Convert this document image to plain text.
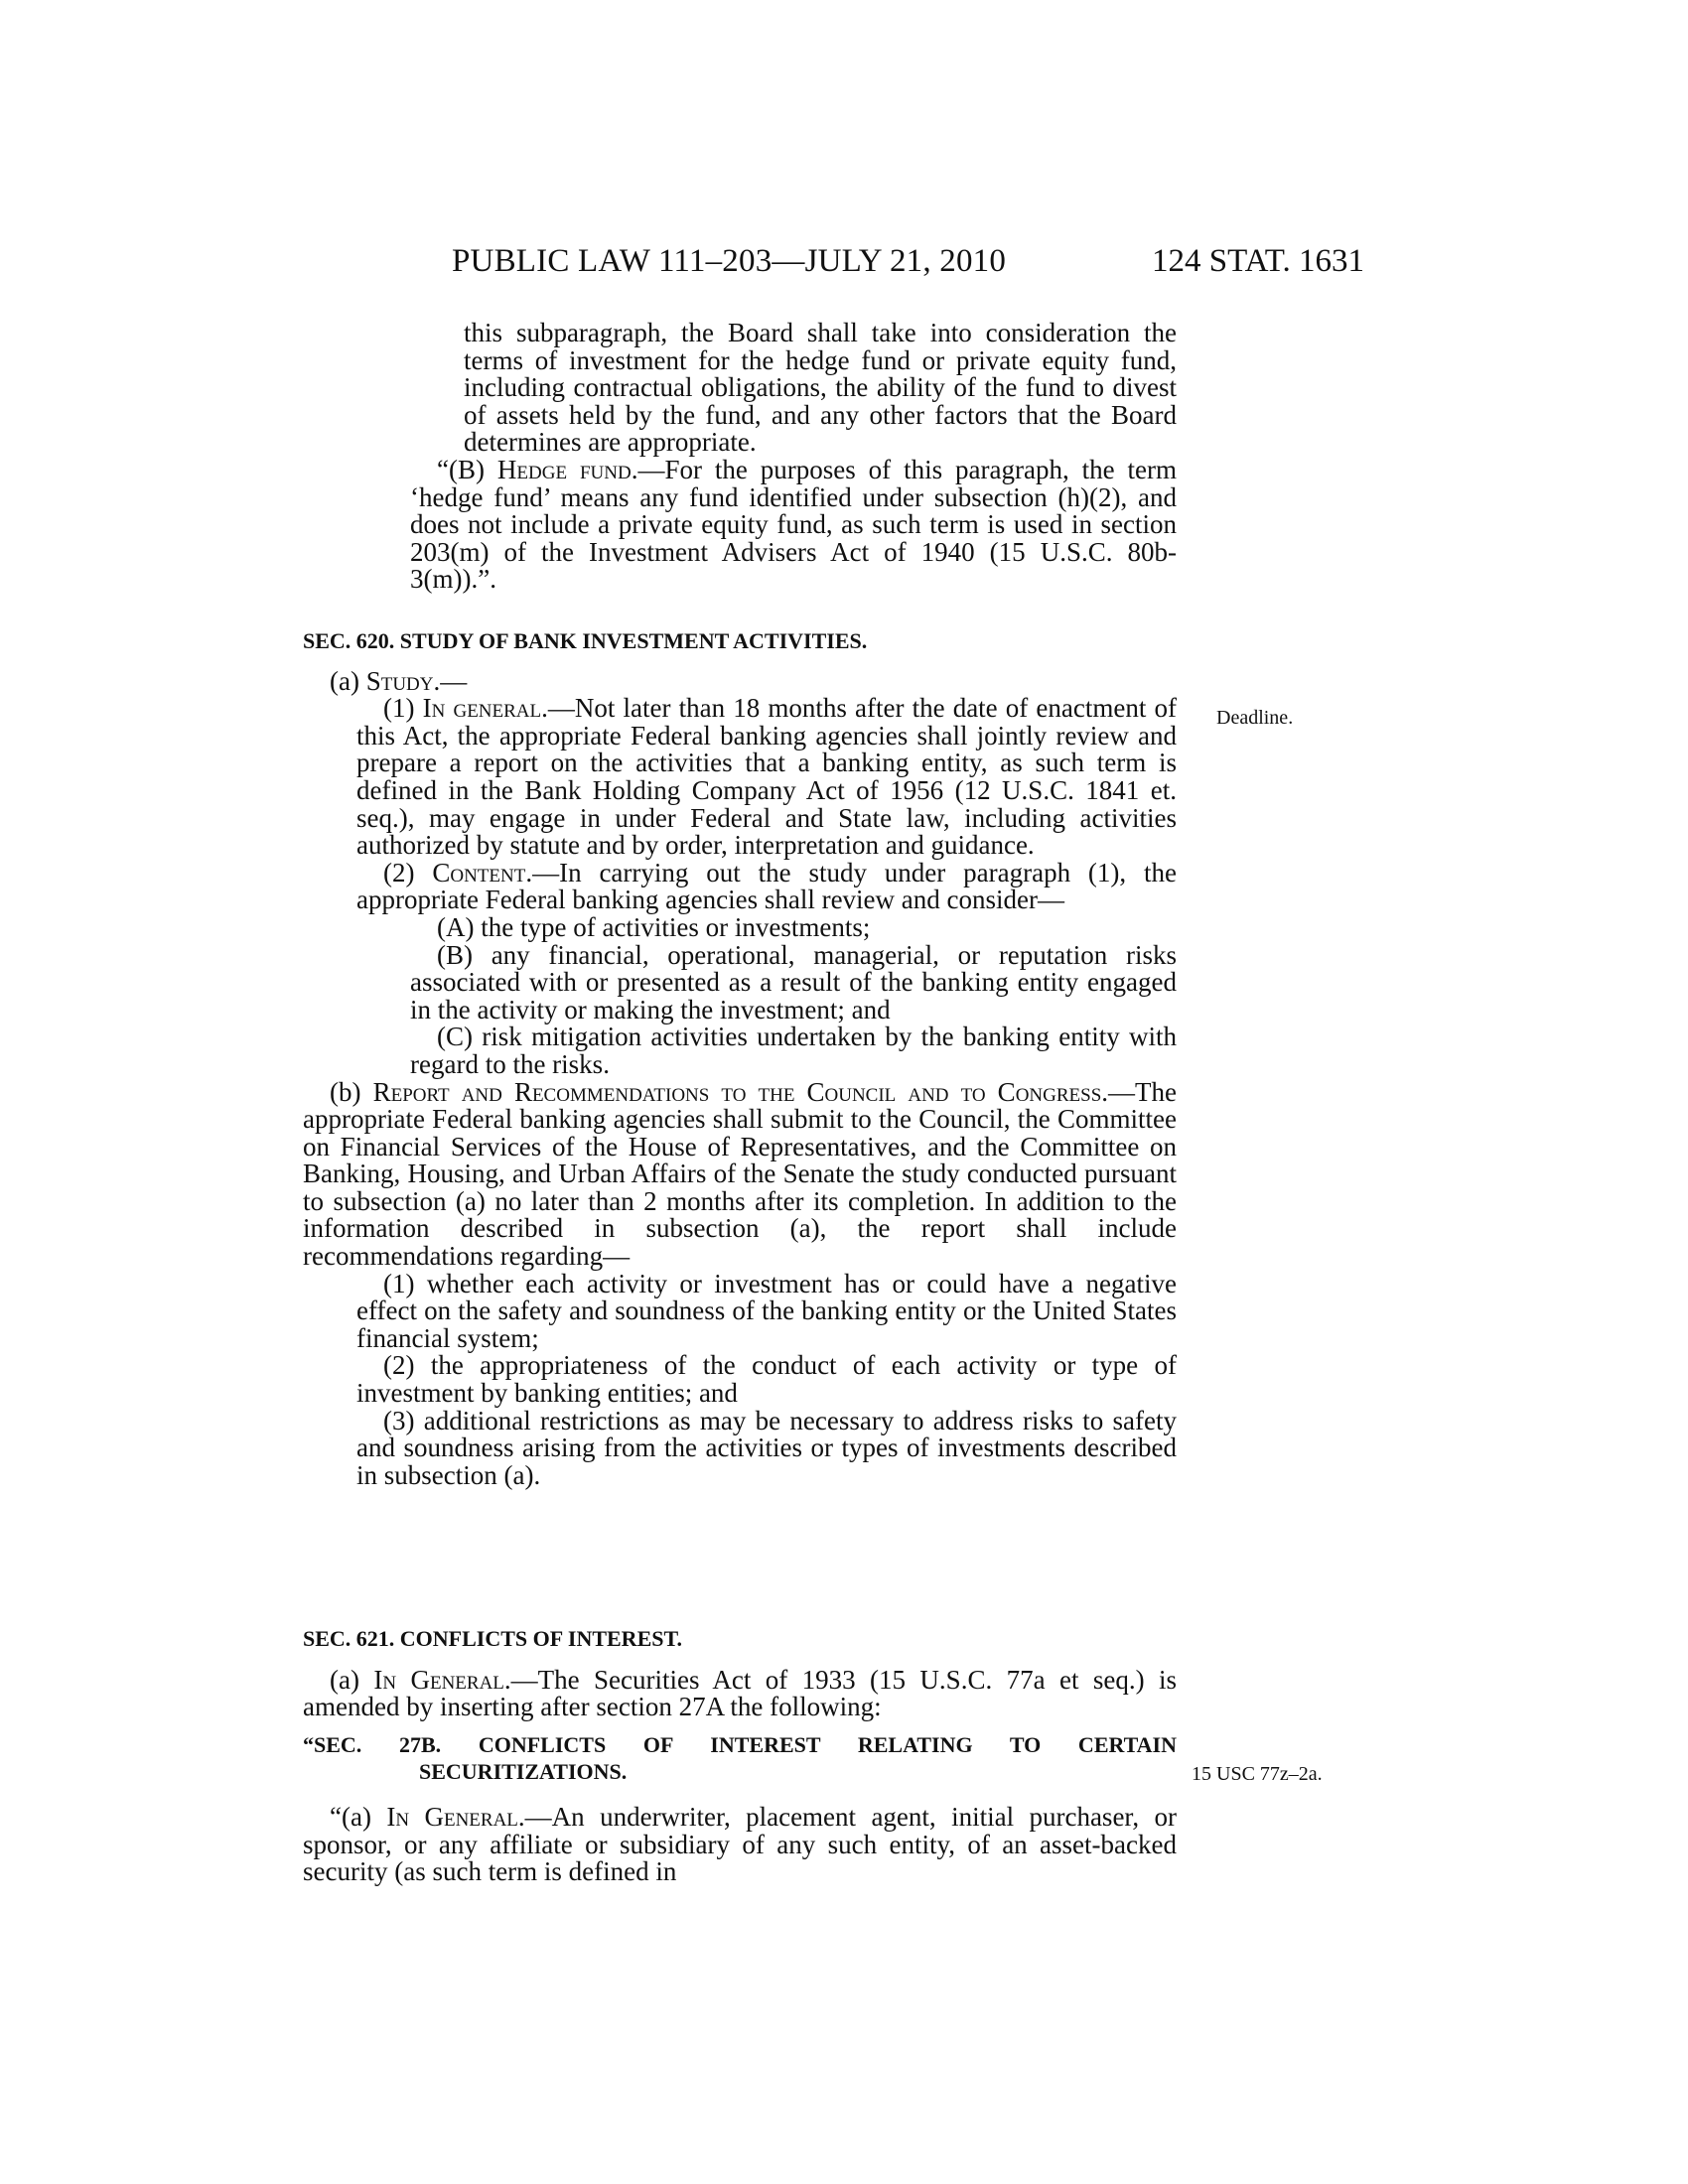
PUBLIC LAW 111–203—JULY 21, 2010	124 STAT. 1631

this subparagraph, the Board shall take into consideration the terms of investment for the hedge fund or private equity fund, including contractual obligations, the ability of the fund to divest of assets held by the fund, and any other factors that the Board determines are appropriate.

“(B) Hedge fund.—For the purposes of this paragraph, the term ‘hedge fund’ means any fund identified under subsection (h)(2), and does not include a private equity fund, as such term is used in section 203(m) of the Investment Advisers Act of 1940 (15 U.S.C. 80b-3(m)).”.

SEC. 620. STUDY OF BANK INVESTMENT ACTIVITIES.

(a) Study.—

(1) In general.—Not later than 18 months after the date of enactment of this Act, the appropriate Federal banking agencies shall jointly review and prepare a report on the activities that a banking entity, as such term is defined in the Bank Holding Company Act of 1956 (12 U.S.C. 1841 et. seq.), may engage in under Federal and State law, including activities authorized by statute and by order, interpretation and guidance.

(2) Content.—In carrying out the study under paragraph (1), the appropriate Federal banking agencies shall review and consider—

(A) the type of activities or investments;

(B) any financial, operational, managerial, or reputation risks associated with or presented as a result of the banking entity engaged in the activity or making the investment; and

(C) risk mitigation activities undertaken by the banking entity with regard to the risks.

(b) Report and Recommendations to the Council and to Congress.—The appropriate Federal banking agencies shall submit to the Council, the Committee on Financial Services of the House of Representatives, and the Committee on Banking, Housing, and Urban Affairs of the Senate the study conducted pursuant to subsection (a) no later than 2 months after its completion. In addition to the information described in subsection (a), the report shall include recommendations regarding—

(1) whether each activity or investment has or could have a negative effect on the safety and soundness of the banking entity or the United States financial system;

(2) the appropriateness of the conduct of each activity or type of investment by banking entities; and

(3) additional restrictions as may be necessary to address risks to safety and soundness arising from the activities or types of investments described in subsection (a).

SEC. 621. CONFLICTS OF INTEREST.

(a) In General.—The Securities Act of 1933 (15 U.S.C. 77a et seq.) is amended by inserting after section 27A the following:

“SEC. 27B. CONFLICTS OF INTEREST RELATING TO CERTAIN

SECURITIZATIONS.

“(a) In General.—An underwriter, placement agent, initial purchaser, or sponsor, or any affiliate or subsidiary of any such entity, of an asset-backed security (as such term is defined in

Deadline.
15 USC 77z–2a.
